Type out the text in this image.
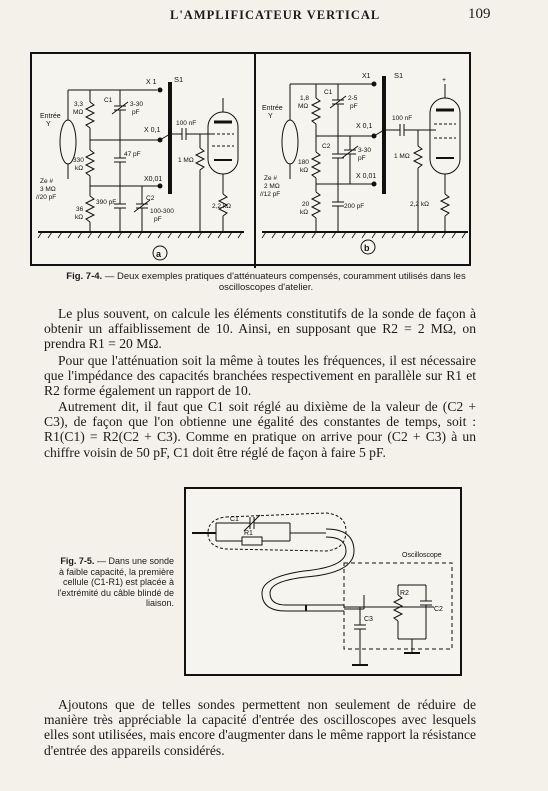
L'AMPLIFICATEUR VERTICAL	109
Entrée
Y
Ze #
3 MΩ
//20 pF
3,3
MΩ
330
kΩ
36
kΩ
C1
3-30
pF
47 pF
390 pF
C2
100-300
pF
X 1
X 0,1
X0,01
S1
100 nF
1 MΩ
2,2 kΩ
a
Entrée
Y
Ze #
2 MΩ
//12 pF
1,8
MΩ
180
kΩ
20
kΩ
C1
2-5
pF
C2
3-30
pF
200 pF
X1
X 0,1
X 0,01
S1
100 nF
1 MΩ
2,2 kΩ
+
b
Fig. 7-4. — Deux exemples pratiques d'atténuateurs compensés, couramment utilisés dans les oscilloscopes d'atelier.

Le plus souvent, on calcule les éléments constitutifs de la sonde de façon à obtenir un affaiblissement de 10. Ainsi, en supposant que R2 = 2 MΩ, on prendra R1 = 20 MΩ.

Pour que l'atténuation soit la même à toutes les fréquences, il est nécessaire que l'impédance des capacités branchées respectivement en parallèle sur R1 et R2 forme également un rapport de 10.

Autrement dit, il faut que C1 soit réglé au dixième de la valeur de (C2 + C3), de façon que l'on obtienne une égalité des constantes de temps, soit : R1(C1) = R2(C2 + C3). Comme en pratique on arrive pour (C2 + C3) à un chiffre voisin de 50 pF, C1 doit être réglé de façon à faire 5 pF.

Fig. 7-5. — Dans une sonde à faible capacité, la première cellule (C1-R1) est placée à l'extrémité du câble blindé de liaison.
C1
R1
Oscilloscope
C3
R2
C2

Ajoutons que de telles sondes permettent non seulement de réduire de manière très appréciable la capacité d'entrée des oscilloscopes avec lesquels elles sont utilisées, mais encore d'augmenter dans le même rapport la résistance d'entrée des appareils considérés.
